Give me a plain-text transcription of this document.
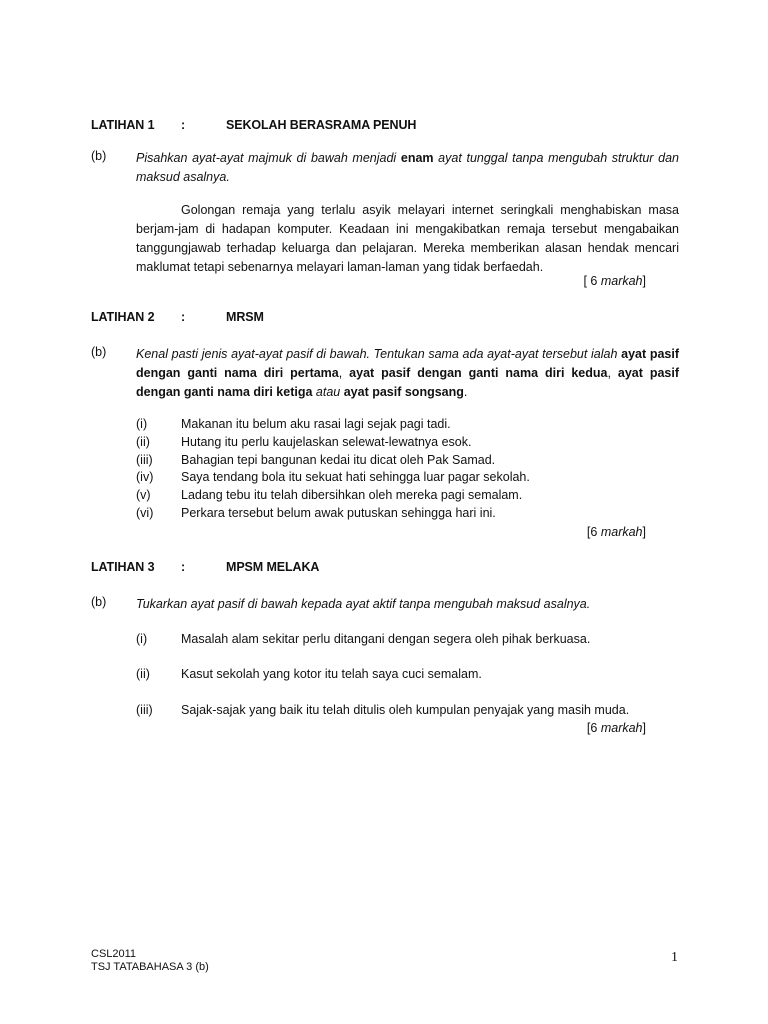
LATIHAN 1 :	SEKOLAH BERASRAMA PENUH
(b) Pisahkan ayat-ayat majmuk di bawah menjadi enam ayat tunggal tanpa mengubah struktur dan maksud asalnya.
Golongan remaja yang terlalu asyik melayari internet seringkali menghabiskan masa berjam-jam di hadapan komputer. Keadaan ini mengakibatkan remaja tersebut mengabaikan tanggungjawab terhadap keluarga dan pelajaran. Mereka memberikan alasan hendak mencari maklumat tetapi sebenarnya melayari laman-laman yang tidak berfaedah.
[ 6 markah]
LATIHAN 2 :	MRSM
(b) Kenal pasti jenis ayat-ayat pasif di bawah. Tentukan sama ada ayat-ayat tersebut ialah ayat pasif dengan ganti nama diri pertama, ayat pasif dengan ganti nama diri kedua, ayat pasif dengan ganti nama diri ketiga atau ayat pasif songsang.
(i)	Makanan itu belum aku rasai lagi sejak pagi tadi.
(ii) Hutang itu perlu kaujelaskan selewat-lewatnya esok.
(iii) Bahagian tepi bangunan kedai itu dicat oleh Pak Samad.
(iv) Saya tendang bola itu sekuat hati sehingga luar pagar sekolah.
(v) Ladang tebu itu telah dibersihkan oleh mereka pagi semalam.
(vi) Perkara tersebut belum awak putuskan sehingga hari ini.
[6 markah]
LATIHAN 3 :	MPSM MELAKA
(b) Tukarkan ayat pasif di bawah kepada ayat aktif tanpa mengubah maksud asalnya.
(i)	Masalah alam sekitar perlu ditangani dengan segera oleh pihak berkuasa.
(ii) Kasut sekolah yang kotor itu telah saya cuci semalam.
(iii) Sajak-sajak yang baik itu telah ditulis oleh kumpulan penyajak yang masih muda.
[6 markah]
CSL2011
TSJ TATABAHASA 3 (b)
1
